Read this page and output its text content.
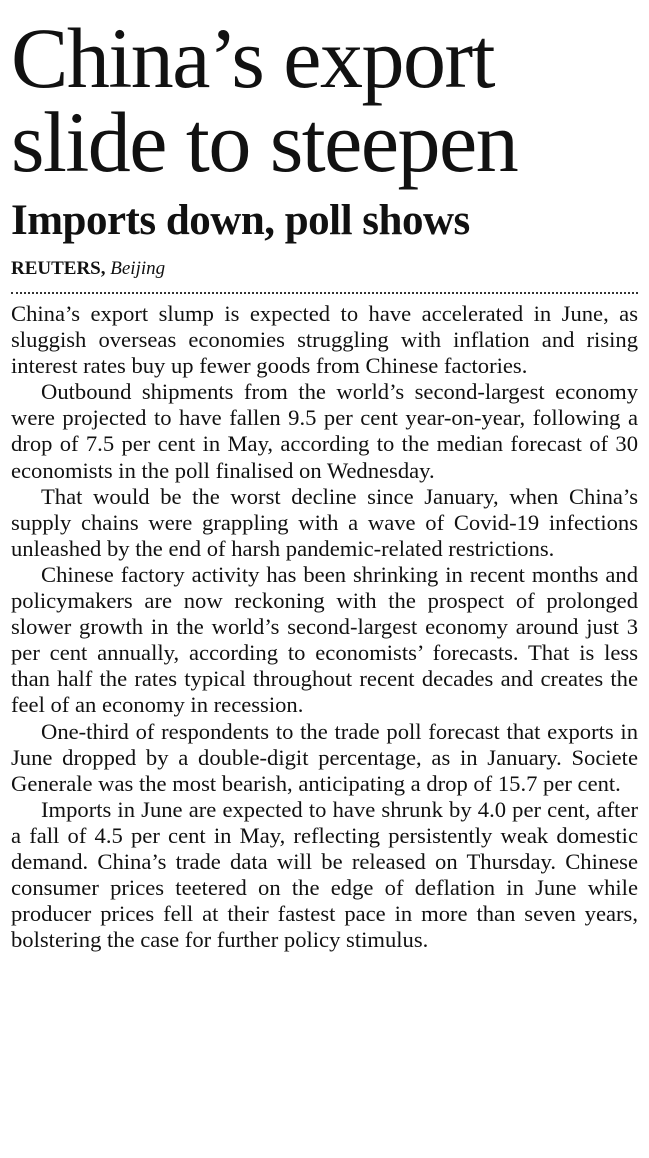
China’s export
slide to steepen
Imports down, poll shows
REUTERS, Beijing

China’s export slump is expected to have accelerated in June, as sluggish overseas economies struggling with inflation and rising interest rates buy up fewer goods from Chinese factories.

Outbound shipments from the world’s second-largest economy were projected to have fallen 9.5 per cent year-on-year, following a drop of 7.5 per cent in May, according to the median forecast of 30 economists in the poll finalised on Wednesday.

That would be the worst decline since January, when China’s supply chains were grappling with a wave of Covid-19 infections unleashed by the end of harsh pandemic-related restrictions.

Chinese factory activity has been shrinking in recent months and policymakers are now reckoning with the prospect of prolonged slower growth in the world’s second-largest economy around just 3 per cent annually, according to economists’ forecasts. That is less than half the rates typical throughout recent decades and creates the feel of an economy in recession.

One-third of respondents to the trade poll forecast that exports in June dropped by a double-digit percentage, as in January. Societe Generale was the most bearish, anticipating a drop of 15.7 per cent.

Imports in June are expected to have shrunk by 4.0 per cent, after a fall of 4.5 per cent in May, reflecting persistently weak domestic demand. China’s trade data will be released on Thursday. Chinese consumer prices teetered on the edge of deflation in June while producer prices fell at their fastest pace in more than seven years, bolstering the case for further policy stimulus.
